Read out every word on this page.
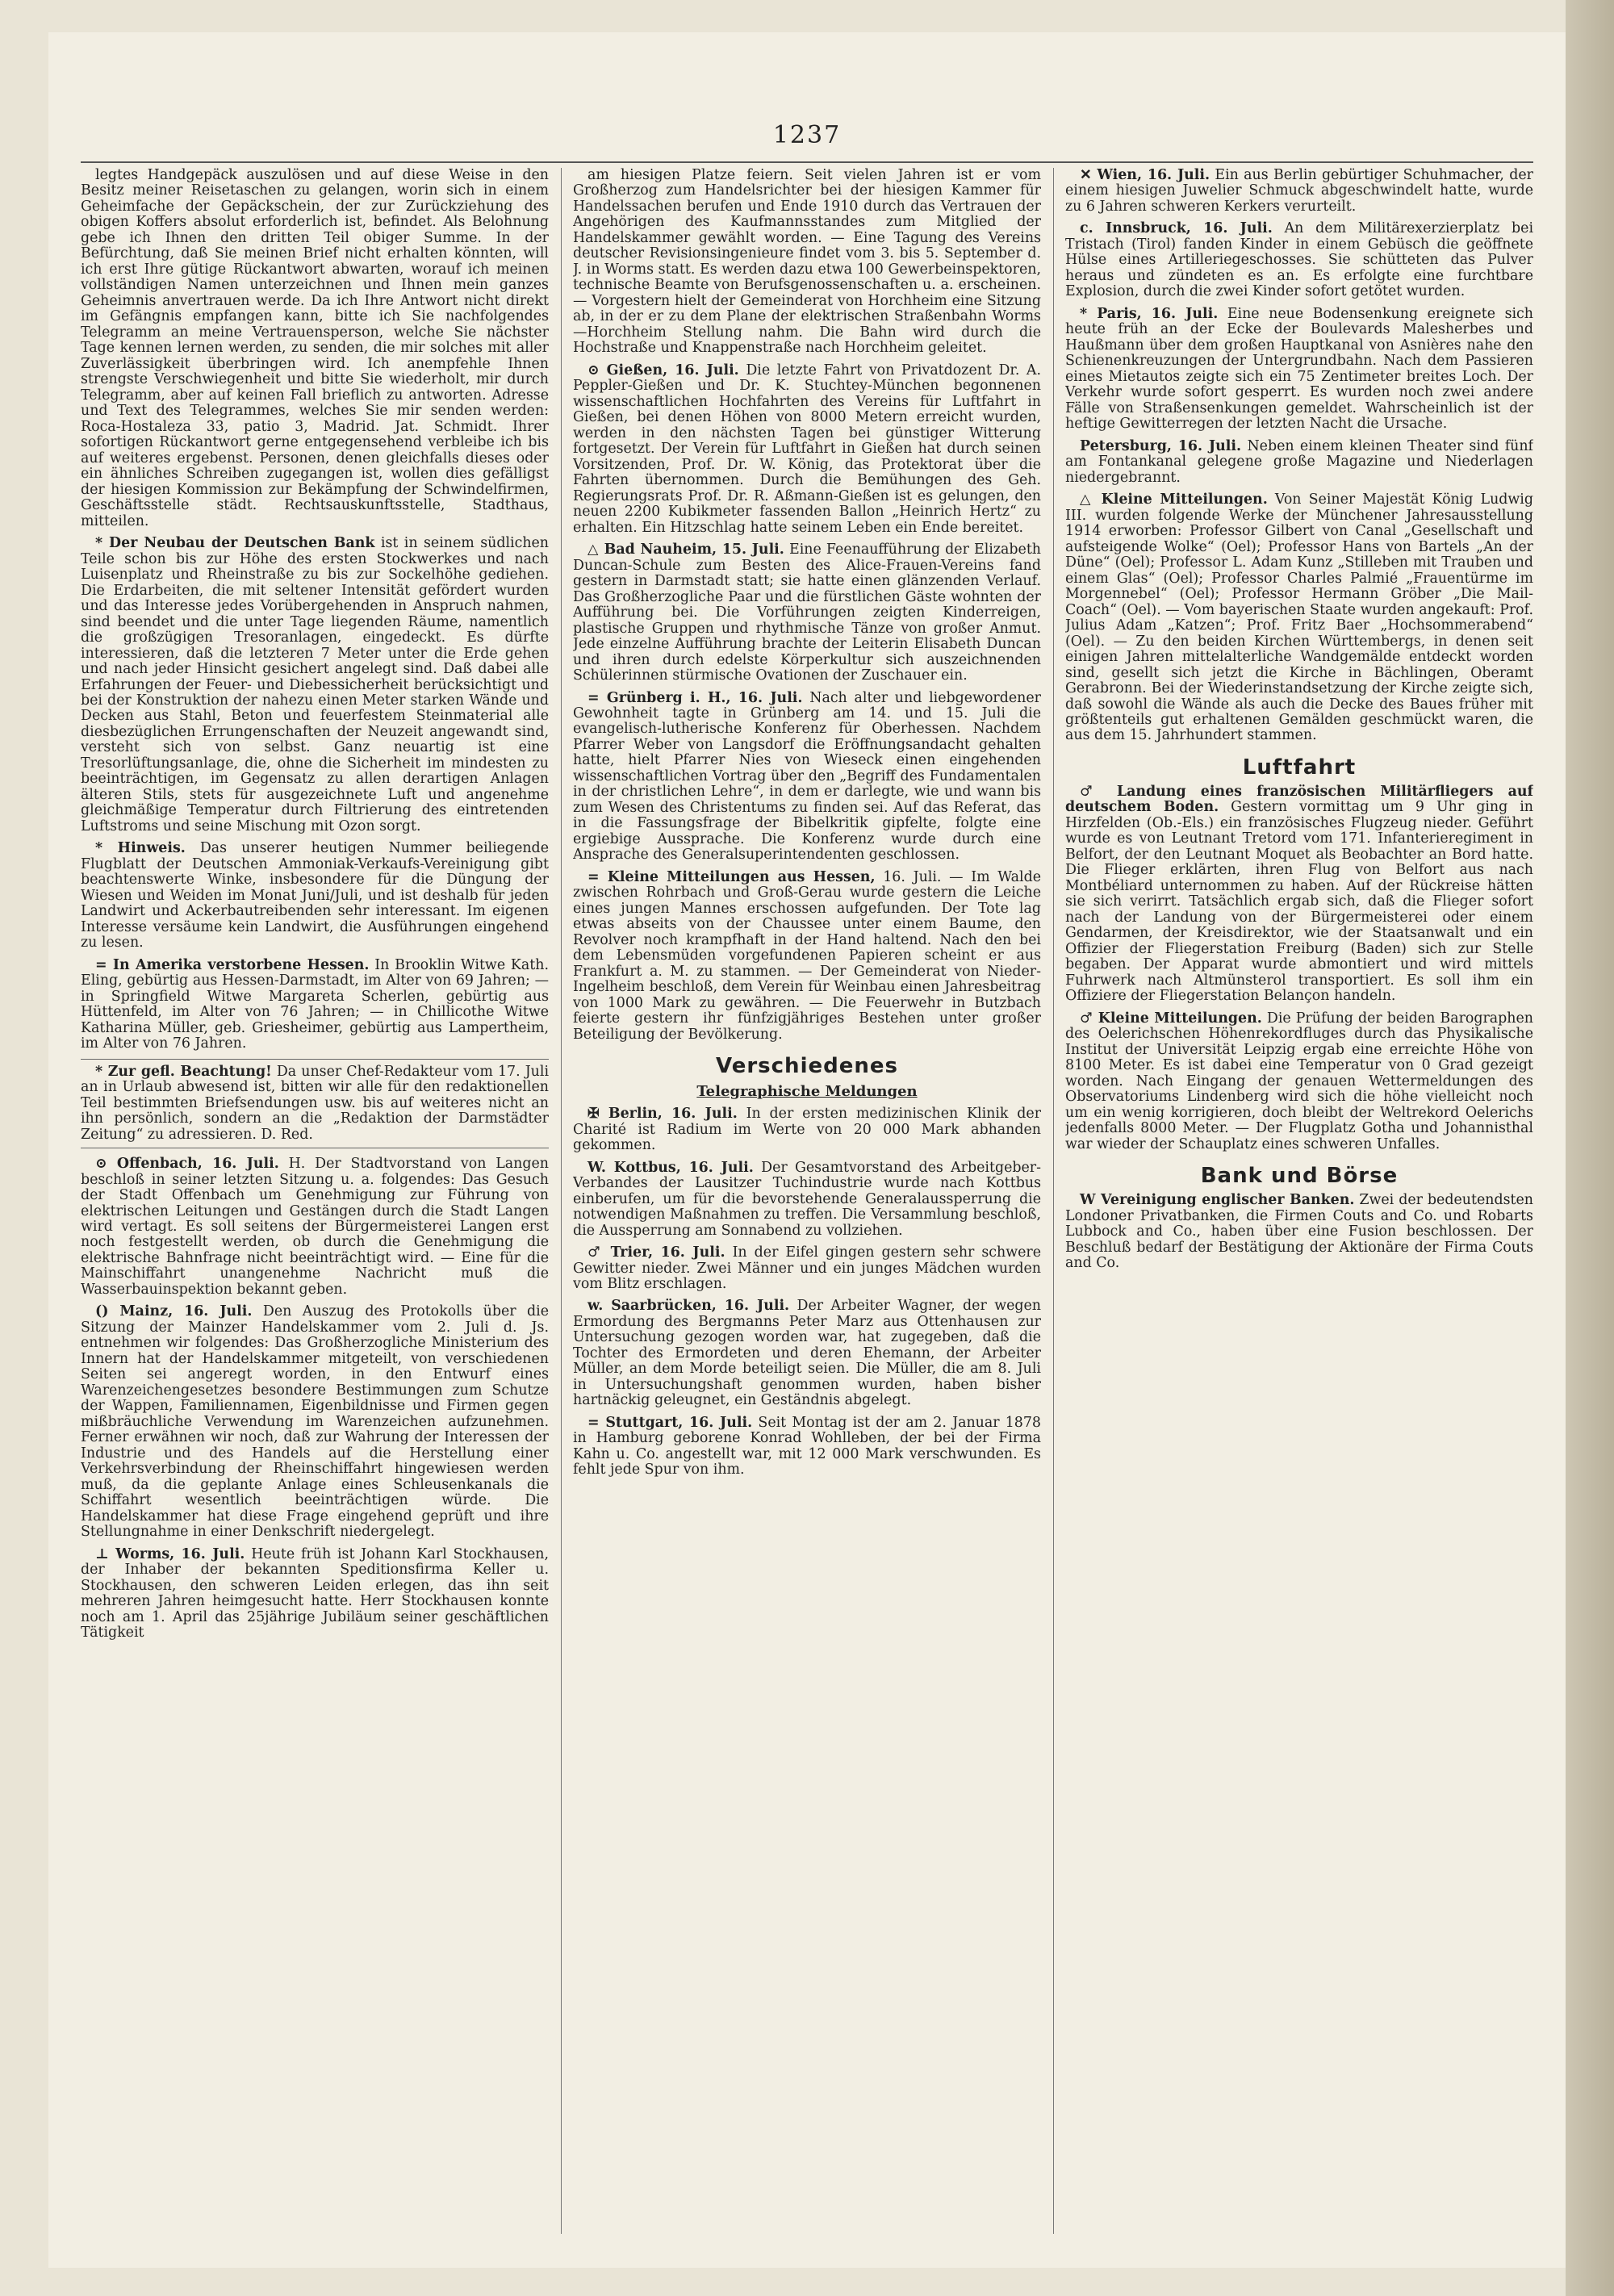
1237

legtes Handgepäck auszulösen und auf diese Weise in den Besitz meiner Reisetaschen zu gelangen, worin sich in einem Geheimfache der Gepäckschein, der zur Zurückziehung des obigen Koffers absolut erforderlich ist, befindet. Als Belohnung gebe ich Ihnen den dritten Teil obiger Summe. In der Befürchtung, daß Sie meinen Brief nicht erhalten könnten, will ich erst Ihre gütige Rückantwort abwarten, worauf ich meinen vollständigen Namen unterzeichnen und Ihnen mein ganzes Geheimnis anvertrauen werde. Da ich Ihre Antwort nicht direkt im Gefängnis empfangen kann, bitte ich Sie nachfolgendes Telegramm an meine Vertrauensperson, welche Sie nächster Tage kennen lernen werden, zu senden, die mir solches mit aller Zuverlässigkeit überbringen wird. Ich anempfehle Ihnen strengste Verschwiegenheit und bitte Sie wiederholt, mir durch Telegramm, aber auf keinen Fall brieflich zu antworten. Adresse und Text des Telegrammes, welches Sie mir senden werden: Roca-Hostaleza 33, patio 3, Madrid. Jat. Schmidt. Ihrer sofortigen Rückantwort gerne entgegensehend verbleibe ich bis auf weiteres ergebenst. Personen, denen gleichfalls dieses oder ein ähnliches Schreiben zugegangen ist, wollen dies gefälligst der hiesigen Kommission zur Bekämpfung der Schwindelfirmen, Geschäftsstelle städt. Rechtsauskunftsstelle, Stadthaus, mitteilen.

* Der Neubau der Deutschen Bank ist in seinem südlichen Teile schon bis zur Höhe des ersten Stockwerkes und nach Luisenplatz und Rheinstraße zu bis zur Sockelhöhe gediehen. Die Erdarbeiten, die mit seltener Intensität gefördert wurden und das Interesse jedes Vorübergehenden in Anspruch nahmen, sind beendet und die unter Tage liegenden Räume, namentlich die großzügigen Tresoranlagen, eingedeckt. Es dürfte interessieren, daß die letzteren 7 Meter unter die Erde gehen und nach jeder Hinsicht gesichert angelegt sind. Daß dabei alle Erfahrungen der Feuer- und Diebessicherheit berücksichtigt und bei der Konstruktion der nahezu einen Meter starken Wände und Decken aus Stahl, Beton und feuerfestem Steinmaterial alle diesbezüglichen Errungenschaften der Neuzeit angewandt sind, versteht sich von selbst. Ganz neuartig ist eine Tresorlüftungsanlage, die, ohne die Sicherheit im mindesten zu beeinträchtigen, im Gegensatz zu allen derartigen Anlagen älteren Stils, stets für ausgezeichnete Luft und angenehme gleichmäßige Temperatur durch Filtrierung des eintretenden Luftstroms und seine Mischung mit Ozon sorgt.

* Hinweis. Das unserer heutigen Nummer beiliegende Flugblatt der Deutschen Ammoniak-Verkaufs-Vereinigung gibt beachtenswerte Winke, insbesondere für die Düngung der Wiesen und Weiden im Monat Juni/Juli, und ist deshalb für jeden Landwirt und Ackerbautreibenden sehr interessant. Im eigenen Interesse versäume kein Landwirt, die Ausführungen eingehend zu lesen.

= In Amerika verstorbene Hessen. In Brooklin Witwe Kath. Eling, gebürtig aus Hessen-Darmstadt, im Alter von 69 Jahren; — in Springfield Witwe Margareta Scherlen, gebürtig aus Hüttenfeld, im Alter von 76 Jahren; — in Chillicothe Witwe Katharina Müller, geb. Griesheimer, gebürtig aus Lampertheim, im Alter von 76 Jahren.

* Zur gefl. Beachtung! Da unser Chef-Redakteur vom 17. Juli an in Urlaub abwesend ist, bitten wir alle für den redaktionellen Teil bestimmten Briefsendungen usw. bis auf weiteres nicht an ihn persönlich, sondern an die „Redaktion der Darmstädter Zeitung“ zu adressieren. D. Red.

⊙ Offenbach, 16. Juli. H. Der Stadtvorstand von Langen beschloß in seiner letzten Sitzung u. a. folgendes: Das Gesuch der Stadt Offenbach um Genehmigung zur Führung von elektrischen Leitungen und Gestängen durch die Stadt Langen wird vertagt. Es soll seitens der Bürgermeisterei Langen erst noch festgestellt werden, ob durch die Genehmigung die elektrische Bahnfrage nicht beeinträchtigt wird. — Eine für die Mainschiffahrt unangenehme Nachricht muß die Wasserbauinspektion bekannt geben.

() Mainz, 16. Juli. Den Auszug des Protokolls über die Sitzung der Mainzer Handelskammer vom 2. Juli d. Js. entnehmen wir folgendes: Das Großherzogliche Ministerium des Innern hat der Handelskammer mitgeteilt, von verschiedenen Seiten sei angeregt worden, in den Entwurf eines Warenzeichengesetzes besondere Bestimmungen zum Schutze der Wappen, Familiennamen, Eigenbildnisse und Firmen gegen mißbräuchliche Verwendung im Warenzeichen aufzunehmen. Ferner erwähnen wir noch, daß zur Wahrung der Interessen der Industrie und des Handels auf die Herstellung einer Verkehrsverbindung der Rheinschiffahrt hingewiesen werden muß, da die geplante Anlage eines Schleusenkanals die Schiffahrt wesentlich beeinträchtigen würde. Die Handelskammer hat diese Frage eingehend geprüft und ihre Stellungnahme in einer Denkschrift niedergelegt.

⊥ Worms, 16. Juli. Heute früh ist Johann Karl Stockhausen, der Inhaber der bekannten Speditionsfirma Keller u. Stockhausen, den schweren Leiden erlegen, das ihn seit mehreren Jahren heimgesucht hatte. Herr Stockhausen konnte noch am 1. April das 25jährige Jubiläum seiner geschäftlichen Tätigkeit

am hiesigen Platze feiern. Seit vielen Jahren ist er vom Großherzog zum Handelsrichter bei der hiesigen Kammer für Handelssachen berufen und Ende 1910 durch das Vertrauen der Angehörigen des Kaufmannsstandes zum Mitglied der Handelskammer gewählt worden. — Eine Tagung des Vereins deutscher Revisionsingenieure findet vom 3. bis 5. September d. J. in Worms statt. Es werden dazu etwa 100 Gewerbeinspektoren, technische Beamte von Berufsgenossenschaften u. a. erscheinen. — Vorgestern hielt der Gemeinderat von Horchheim eine Sitzung ab, in der er zu dem Plane der elektrischen Straßenbahn Worms—Horchheim Stellung nahm. Die Bahn wird durch die Hochstraße und Knappenstraße nach Horchheim geleitet.

⊙ Gießen, 16. Juli. Die letzte Fahrt von Privatdozent Dr. A. Peppler-Gießen und Dr. K. Stuchtey-München begonnenen wissenschaftlichen Hochfahrten des Vereins für Luftfahrt in Gießen, bei denen Höhen von 8000 Metern erreicht wurden, werden in den nächsten Tagen bei günstiger Witterung fortgesetzt. Der Verein für Luftfahrt in Gießen hat durch seinen Vorsitzenden, Prof. Dr. W. König, das Protektorat über die Fahrten übernommen. Durch die Bemühungen des Geh. Regierungsrats Prof. Dr. R. Aßmann-Gießen ist es gelungen, den neuen 2200 Kubikmeter fassenden Ballon „Heinrich Hertz“ zu erhalten. Ein Hitzschlag hatte seinem Leben ein Ende bereitet.

△ Bad Nauheim, 15. Juli. Eine Feenaufführung der Elizabeth Duncan-Schule zum Besten des Alice-Frauen-Vereins fand gestern in Darmstadt statt; sie hatte einen glänzenden Verlauf. Das Großherzogliche Paar und die fürstlichen Gäste wohnten der Aufführung bei. Die Vorführungen zeigten Kinderreigen, plastische Gruppen und rhythmische Tänze von großer Anmut. Jede einzelne Aufführung brachte der Leiterin Elisabeth Duncan und ihren durch edelste Körperkultur sich auszeichnenden Schülerinnen stürmische Ovationen der Zuschauer ein.

= Grünberg i. H., 16. Juli. Nach alter und liebgewordener Gewohnheit tagte in Grünberg am 14. und 15. Juli die evangelisch-lutherische Konferenz für Oberhessen. Nachdem Pfarrer Weber von Langsdorf die Eröffnungsandacht gehalten hatte, hielt Pfarrer Nies von Wieseck einen eingehenden wissenschaftlichen Vortrag über den „Begriff des Fundamentalen in der christlichen Lehre“, in dem er darlegte, wie und wann bis zum Wesen des Christentums zu finden sei. Auf das Referat, das in die Fassungsfrage der Bibelkritik gipfelte, folgte eine ergiebige Aussprache. Die Konferenz wurde durch eine Ansprache des Generalsuperintendenten geschlossen.

= Kleine Mitteilungen aus Hessen, 16. Juli. — Im Walde zwischen Rohrbach und Groß-Gerau wurde gestern die Leiche eines jungen Mannes erschossen aufgefunden. Der Tote lag etwas abseits von der Chaussee unter einem Baume, den Revolver noch krampfhaft in der Hand haltend. Nach den bei dem Lebensmüden vorgefundenen Papieren scheint er aus Frankfurt a. M. zu stammen. — Der Gemeinderat von Nieder-Ingelheim beschloß, dem Verein für Weinbau einen Jahresbeitrag von 1000 Mark zu gewähren. — Die Feuerwehr in Butzbach feierte gestern ihr fünfzigjähriges Bestehen unter großer Beteiligung der Bevölkerung.

Verschiedenes
Telegraphische Meldungen

✠ Berlin, 16. Juli. In der ersten medizinischen Klinik der Charité ist Radium im Werte von 20 000 Mark abhanden gekommen.

W. Kottbus, 16. Juli. Der Gesamtvorstand des Arbeitgeber-Verbandes der Lausitzer Tuchindustrie wurde nach Kottbus einberufen, um für die bevorstehende Generalaussperrung die notwendigen Maßnahmen zu treffen. Die Versammlung beschloß, die Aussperrung am Sonnabend zu vollziehen.

♂ Trier, 16. Juli. In der Eifel gingen gestern sehr schwere Gewitter nieder. Zwei Männer und ein junges Mädchen wurden vom Blitz erschlagen.

w. Saarbrücken, 16. Juli. Der Arbeiter Wagner, der wegen Ermordung des Bergmanns Peter Marz aus Ottenhausen zur Untersuchung gezogen worden war, hat zugegeben, daß die Tochter des Ermordeten und deren Ehemann, der Arbeiter Müller, an dem Morde beteiligt seien. Die Müller, die am 8. Juli in Untersuchungshaft genommen wurden, haben bisher hartnäckig geleugnet, ein Geständnis abgelegt.

= Stuttgart, 16. Juli. Seit Montag ist der am 2. Januar 1878 in Hamburg geborene Konrad Wohlleben, der bei der Firma Kahn u. Co. angestellt war, mit 12 000 Mark verschwunden. Es fehlt jede Spur von ihm.

✕ Wien, 16. Juli. Ein aus Berlin gebürtiger Schuhmacher, der einem hiesigen Juwelier Schmuck abgeschwindelt hatte, wurde zu 6 Jahren schweren Kerkers verurteilt.

c. Innsbruck, 16. Juli. An dem Militärexerzierplatz bei Tristach (Tirol) fanden Kinder in einem Gebüsch die geöffnete Hülse eines Artilleriegeschosses. Sie schütteten das Pulver heraus und zündeten es an. Es erfolgte eine furchtbare Explosion, durch die zwei Kinder sofort getötet wurden.

* Paris, 16. Juli. Eine neue Bodensenkung ereignete sich heute früh an der Ecke der Boulevards Malesherbes und Haußmann über dem großen Hauptkanal von Asnières nahe den Schienenkreuzungen der Untergrundbahn. Nach dem Passieren eines Mietautos zeigte sich ein 75 Zentimeter breites Loch. Der Verkehr wurde sofort gesperrt. Es wurden noch zwei andere Fälle von Straßensenkungen gemeldet. Wahrscheinlich ist der heftige Gewitterregen der letzten Nacht die Ursache.

Petersburg, 16. Juli. Neben einem kleinen Theater sind fünf am Fontankanal gelegene große Magazine und Niederlagen niedergebrannt.

△ Kleine Mitteilungen. Von Seiner Majestät König Ludwig III. wurden folgende Werke der Münchener Jahresausstellung 1914 erworben: Professor Gilbert von Canal „Gesellschaft und aufsteigende Wolke“ (Oel); Professor Hans von Bartels „An der Düne“ (Oel); Professor L. Adam Kunz „Stilleben mit Trauben und einem Glas“ (Oel); Professor Charles Palmié „Frauentürme im Morgennebel“ (Oel); Professor Hermann Gröber „Die Mail-Coach“ (Oel). — Vom bayerischen Staate wurden angekauft: Prof. Julius Adam „Katzen“; Prof. Fritz Baer „Hochsommerabend“ (Oel). — Zu den beiden Kirchen Württembergs, in denen seit einigen Jahren mittelalterliche Wandgemälde entdeckt worden sind, gesellt sich jetzt die Kirche in Bächlingen, Oberamt Gerabronn. Bei der Wiederinstandsetzung der Kirche zeigte sich, daß sowohl die Wände als auch die Decke des Baues früher mit größtenteils gut erhaltenen Gemälden geschmückt waren, die aus dem 15. Jahrhundert stammen.

Luftfahrt

♂ Landung eines französischen Militärfliegers auf deutschem Boden. Gestern vormittag um 9 Uhr ging in Hirzfelden (Ob.-Els.) ein französisches Flugzeug nieder. Geführt wurde es von Leutnant Tretord vom 171. Infanterieregiment in Belfort, der den Leutnant Moquet als Beobachter an Bord hatte. Die Flieger erklärten, ihren Flug von Belfort aus nach Montbéliard unternommen zu haben. Auf der Rückreise hätten sie sich verirrt. Tatsächlich ergab sich, daß die Flieger sofort nach der Landung von der Bürgermeisterei oder einem Gendarmen, der Kreisdirektor, wie der Staatsanwalt und ein Offizier der Fliegerstation Freiburg (Baden) sich zur Stelle begaben. Der Apparat wurde abmontiert und wird mittels Fuhrwerk nach Altmünsterol transportiert. Es soll ihm ein Offiziere der Fliegerstation Belançon handeln.

♂ Kleine Mitteilungen. Die Prüfung der beiden Barographen des Oelerichschen Höhenrekordfluges durch das Physikalische Institut der Universität Leipzig ergab eine erreichte Höhe von 8100 Meter. Es ist dabei eine Temperatur von 0 Grad gezeigt worden. Nach Eingang der genauen Wettermeldungen des Observatoriums Lindenberg wird sich die höhe vielleicht noch um ein wenig korrigieren, doch bleibt der Weltrekord Oelerichs jedenfalls 8000 Meter. — Der Flugplatz Gotha und Johannisthal war wieder der Schauplatz eines schweren Unfalles.

Bank und Börse

W Vereinigung englischer Banken. Zwei der bedeutendsten Londoner Privatbanken, die Firmen Couts and Co. und Robarts Lubbock and Co., haben über eine Fusion beschlossen. Der Beschluß bedarf der Bestätigung der Aktionäre der Firma Couts and Co.
